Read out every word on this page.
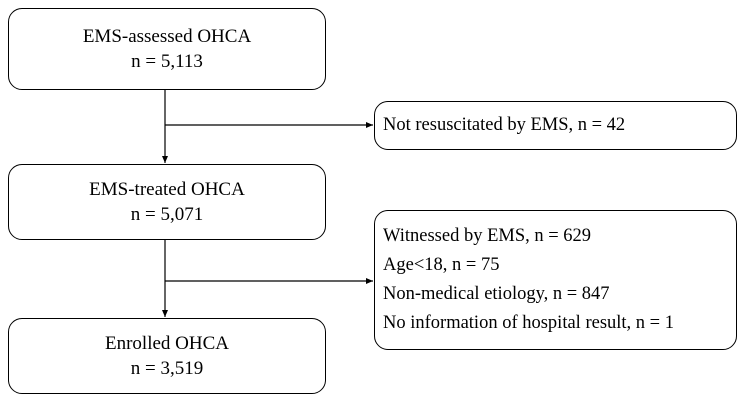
EMS-assessed OHCA
n = 5,113
Not resuscitated by EMS, n = 42
EMS-treated OHCA
n = 5,071
Witnessed by EMS, n = 629
Age<18, n = 75
Non-medical etiology, n = 847
No information of hospital result, n = 1
Enrolled OHCA
n = 3,519
